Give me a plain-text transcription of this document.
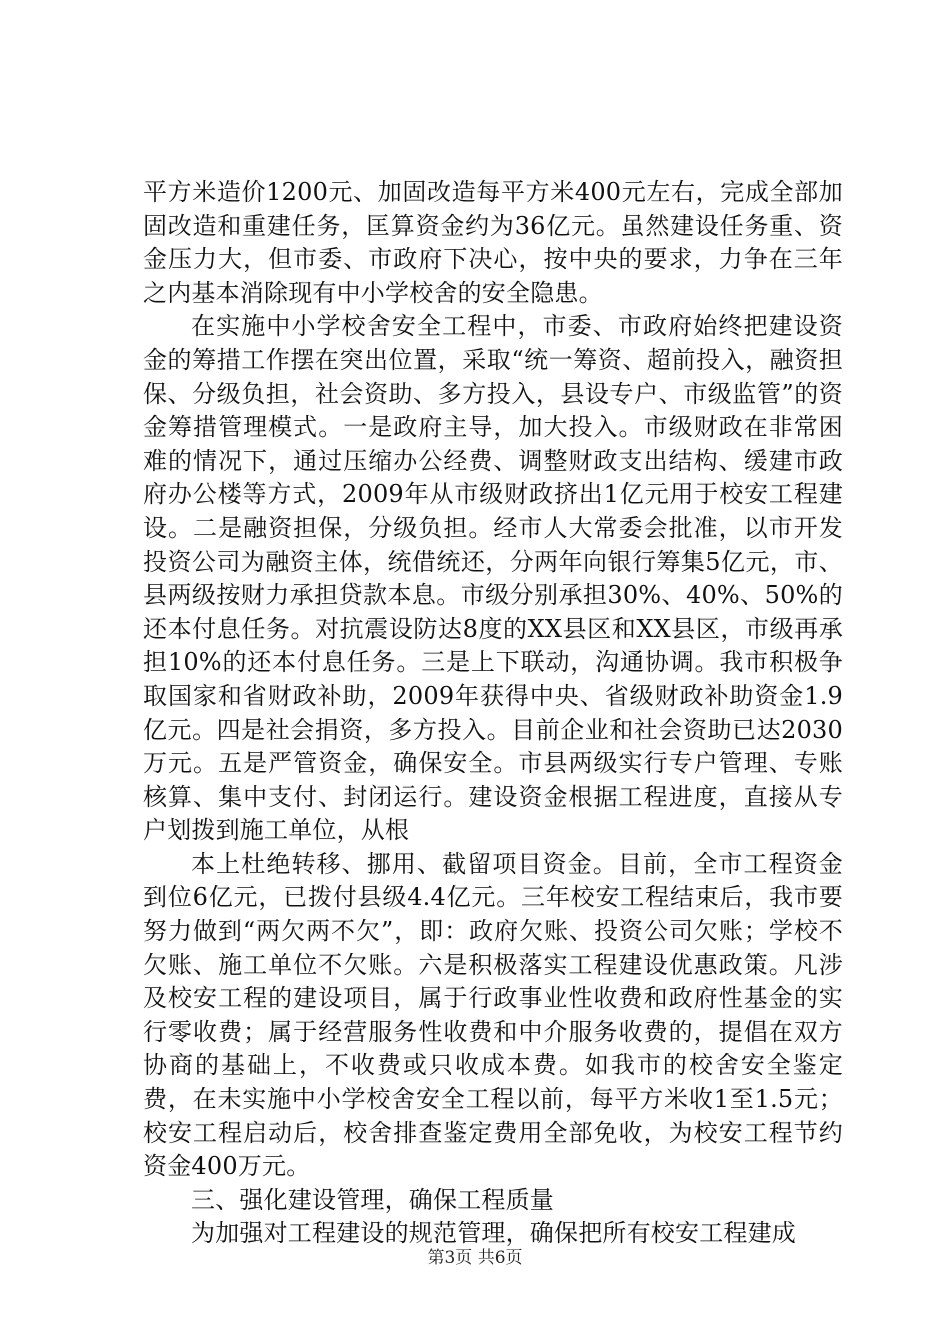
平方米造价1200元、加固改造每平方米400元左右，完成全部加固改造和重建任务，匡算资金约为36亿元。虽然建设任务重、资金压力大，但市委、市政府下决心，按中央的要求，力争在三年之内基本消除现有中小学校舍的安全隐患。

在实施中小学校舍安全工程中，市委、市政府始终把建设资金的筹措工作摆在突出位置，采取“统一筹资、超前投入，融资担保、分级负担，社会资助、多方投入，县设专户、市级监管”的资金筹措管理模式。一是政府主导，加大投入。市级财政在非常困难的情况下，通过压缩办公经费、调整财政支出结构、缓建市政府办公楼等方式，2009年从市级财政挤出1亿元用于校安工程建设。二是融资担保，分级负担。经市人大常委会批准，以市开发投资公司为融资主体，统借统还，分两年向银行筹集5亿元，市、县两级按财力承担贷款本息。市级分别承担30%、40%、50%的还本付息任务。对抗震设防达8度的XX县区和XX县区，市级再承担10%的还本付息任务。三是上下联动，沟通协调。我市积极争取国家和省财政补助，2009年获得中央、省级财政补助资金1.9亿元。四是社会捐资，多方投入。目前企业和社会资助已达2030万元。五是严管资金，确保安全。市县两级实行专户管理、专账核算、集中支付、封闭运行。建设资金根据工程进度，直接从专户划拨到施工单位，从根

本上杜绝转移、挪用、截留项目资金。目前，全市工程资金到位6亿元，已拨付县级4.4亿元。三年校安工程结束后，我市要努力做到“两欠两不欠”，即：政府欠账、投资公司欠账；学校不欠账、施工单位不欠账。六是积极落实工程建设优惠政策。凡涉及校安工程的建设项目，属于行政事业性收费和政府性基金的实行零收费；属于经营服务性收费和中介服务收费的，提倡在双方协商的基础上，不收费或只收成本费。如我市的校舍安全鉴定费，在未实施中小学校舍安全工程以前，每平方米收1至1.5元；校安工程启动后，校舍排查鉴定费用全部免收，为校安工程节约资金400万元。

三、强化建设管理，确保工程质量

为加强对工程建设的规范管理，确保把所有校安工程建成

第3页 共6页
